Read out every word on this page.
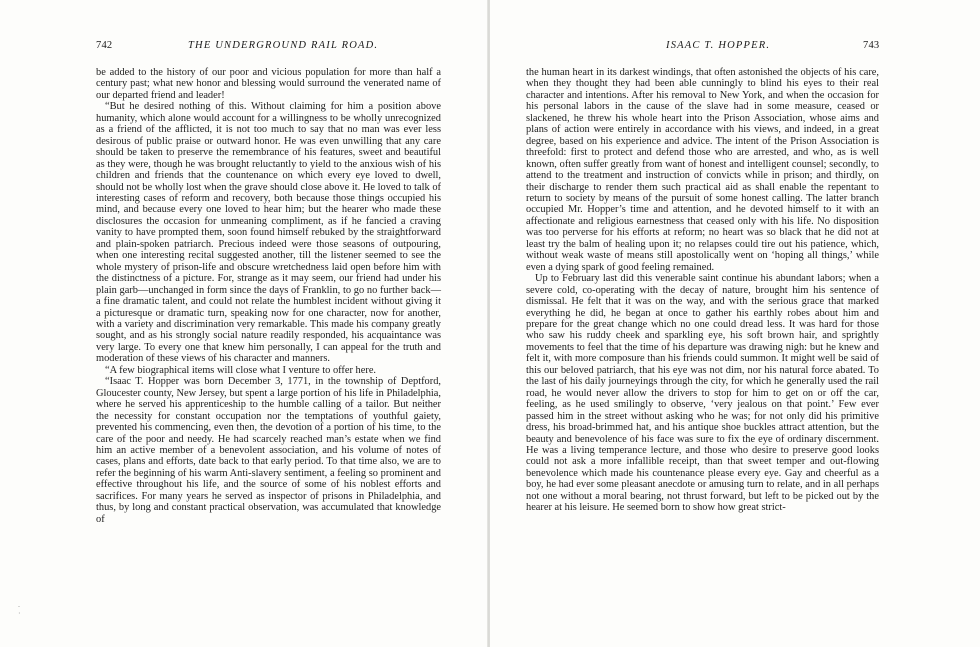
742	THE UNDERGROUND RAIL ROAD.

be added to the history of our poor and vicious population for more than half a century past; what new honor and blessing would surround the venerated name of our departed friend and leader!

“But he desired nothing of this. Without claiming for him a position above humanity, which alone would account for a willingness to be wholly unrecognized as a friend of the afflicted, it is not too much to say that no man was ever less desirous of public praise or outward honor. He was even unwilling that any care should be taken to preserve the remembrance of his features, sweet and beautiful as they were, though he was brought reluctantly to yield to the anxious wish of his children and friends that the countenance on which every eye loved to dwell, should not be wholly lost when the grave should close above it. He loved to talk of interesting cases of reform and recovery, both because those things occupied his mind, and because every one loved to hear him; but the hearer who made these disclosures the occasion for unmeaning compliment, as if he fancied a craving vanity to have prompted them, soon found himself rebuked by the straightforward and plain-spoken patriarch. Precious indeed were those seasons of outpouring, when one interesting recital suggested another, till the listener seemed to see the whole mystery of prison-life and obscure wretchedness laid open before him with the distinctness of a picture. For, strange as it may seem, our friend had under his plain garb—unchanged in form since the days of Franklin, to go no further back—a fine dramatic talent, and could not relate the humblest incident without giving it a picturesque or dramatic turn, speaking now for one character, now for another, with a variety and discrimination very remarkable. This made his company greatly sought, and as his strongly social nature readily responded, his acquaintance was very large. To every one that knew him personally, I can appeal for the truth and moderation of these views of his character and manners.

“A few biographical items will close what I venture to offer here.

“Isaac T. Hopper was born December 3, 1771, in the township of Deptford, Gloucester county, New Jersey, but spent a large portion of his life in Philadelphia, where he served his apprenticeship to the humble calling of a tailor. But neither the necessity for constant occupation nor the temptations of youthful gaiety, prevented his commencing, even then, the devotion of a portion of his time, to the care of the poor and needy. He had scarcely reached man’s estate when we find him an active member of a benevolent association, and his volume of notes of cases, plans and efforts, date back to that early period. To that time also, we are to refer the beginning of his warm Anti-slavery sentiment, a feeling so prominent and effective throughout his life, and the source of some of his noblest efforts and sacrifices. For many years he served as inspector of prisons in Philadelphia, and thus, by long and constant practical observation, was accumulated that knowledge of

.
·
ISAAC T. HOPPER.	743

the human heart in its darkest windings, that often astonished the objects of his care, when they thought they had been able cunningly to blind his eyes to their real character and intentions. After his removal to New York, and when the occasion for his personal labors in the cause of the slave had in some measure, ceased or slackened, he threw his whole heart into the Prison Association, whose aims and plans of action were entirely in accordance with his views, and indeed, in a great degree, based on his experience and advice. The intent of the Prison Association is threefold: first to protect and defend those who are arrested, and who, as is well known, often suffer greatly from want of honest and intelligent counsel; secondly, to attend to the treatment and instruction of convicts while in prison; and thirdly, on their discharge to render them such practical aid as shall enable the repentant to return to society by means of the pursuit of some honest calling. The latter branch occupied Mr. Hopper’s time and attention, and he devoted himself to it with an affectionate and religious earnestness that ceased only with his life. No disposition was too perverse for his efforts at reform; no heart was so black that he did not at least try the balm of healing upon it; no relapses could tire out his patience, which, without weak waste of means still apostolically went on ‘hoping all things,’ while even a dying spark of good feeling remained.

Up to February last did this venerable saint continue his abundant labors; when a severe cold, co-operating with the decay of nature, brought him his sentence of dismissal. He felt that it was on the way, and with the serious grace that marked everything he did, he began at once to gather his earthly robes about him and prepare for the great change which no one could dread less. It was hard for those who saw his ruddy cheek and sparkling eye, his soft brown hair, and sprightly movements to feel that the time of his departure was drawing nigh: but he knew and felt it, with more composure than his friends could summon. It might well be said of this our beloved patriarch, that his eye was not dim, nor his natural force abated. To the last of his daily journeyings through the city, for which he generally used the rail road, he would never allow the drivers to stop for him to get on or off the car, feeling, as he used smilingly to observe, ‘very jealous on that point.’ Few ever passed him in the street without asking who he was; for not only did his primitive dress, his broad-brimmed hat, and his antique shoe buckles attract attention, but the beauty and benevolence of his face was sure to fix the eye of ordinary discernment. He was a living temperance lecture, and those who desire to preserve good looks could not ask a more infallible receipt, than that sweet temper and out-flowing benevolence which made his countenance please every eye. Gay and cheerful as a boy, he had ever some pleasant anecdote or amusing turn to relate, and in all perhaps not one without a moral bearing, not thrust forward, but left to be picked out by the hearer at his leisure. He seemed born to show how great strict-
